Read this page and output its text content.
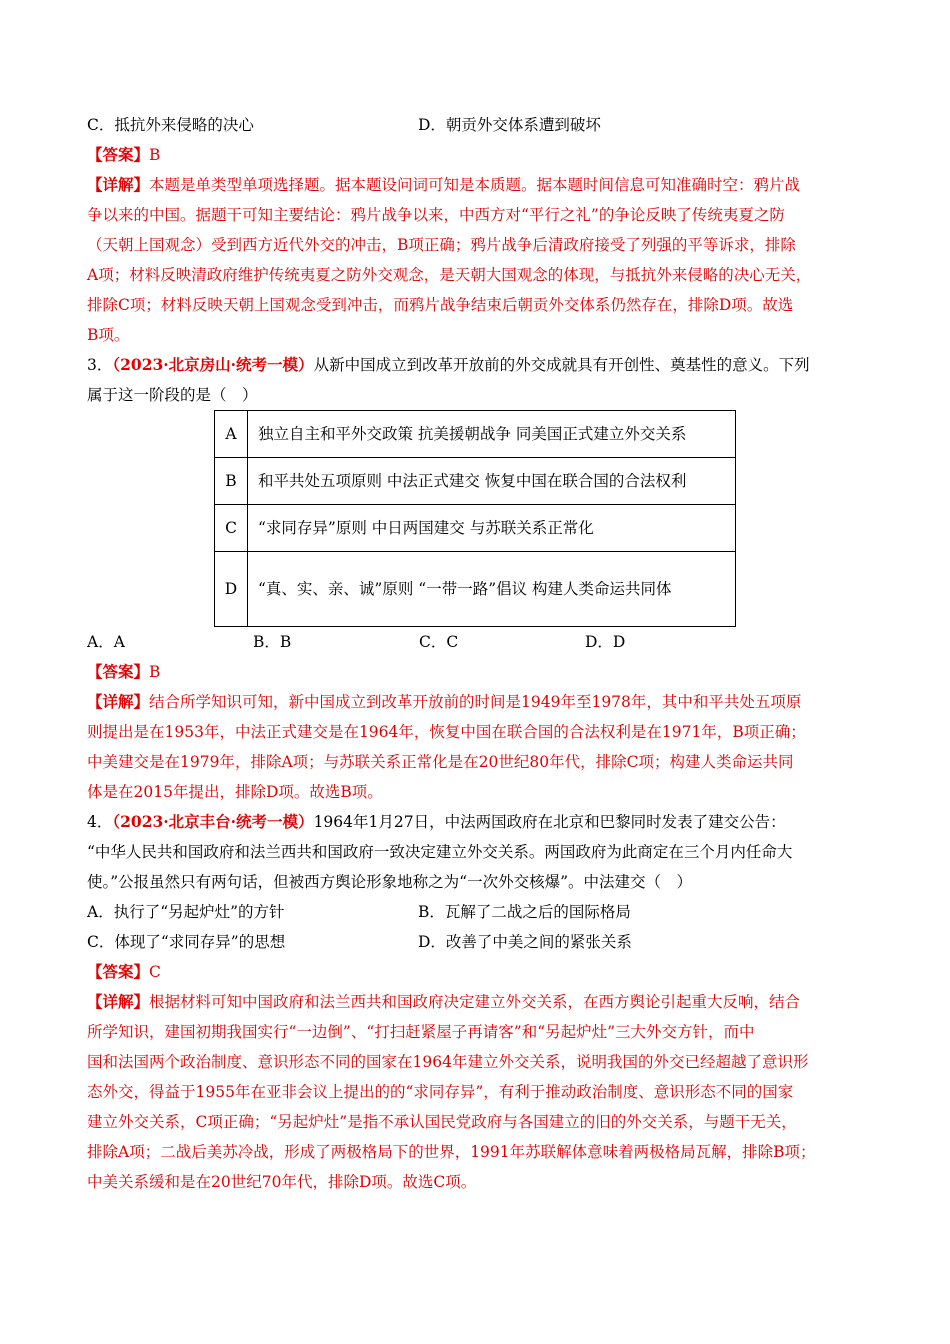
C．抵抗外来侵略的决心	D．朝贡外交体系遭到破坏
【答案】B
【详解】本题是单类型单项选择题。据本题设问词可知是本质题。据本题时间信息可知准确时空：鸦片战
争以来的中国。据题干可知主要结论：鸦片战争以来，中西方对“平行之礼”的争论反映了传统夷夏之防
（天朝上国观念）受到西方近代外交的冲击，B项正确；鸦片战争后清政府接受了列强的平等诉求，排除
A项；材料反映清政府维护传统夷夏之防外交观念，是天朝大国观念的体现，与抵抗外来侵略的决心无关，
排除C项；材料反映天朝上国观念受到冲击，而鸦片战争结束后朝贡外交体系仍然存在，排除D项。故选
B项。
3．（2023·北京房山·统考一模）从新中国成立到改革开放前的外交成就具有开创性、奠基性的意义。下列
属于这一阶段的是（　）
A	独立自主和平外交政策 抗美援朝战争 同美国正式建立外交关系
B	和平共处五项原则 中法正式建交 恢复中国在联合国的合法权利
C	“求同存异”原则 中日两国建交 与苏联关系正常化
D	“真、实、亲、诚”原则 “一带一路”倡议 构建人类命运共同体
A．A	B．B	C．C	D．D
【答案】B
【详解】结合所学知识可知，新中国成立到改革开放前的时间是1949年至1978年，其中和平共处五项原
则提出是在1953年，中法正式建交是在1964年，恢复中国在联合国的合法权利是在1971年，B项正确；
中美建交是在1979年，排除A项；与苏联关系正常化是在20世纪80年代，排除C项；构建人类命运共同
体是在2015年提出，排除D项。故选B项。
4．（2023·北京丰台·统考一模）1964年1月27日，中法两国政府在北京和巴黎同时发表了建交公告：
“中华人民共和国政府和法兰西共和国政府一致决定建立外交关系。两国政府为此商定在三个月内任命大
使。”公报虽然只有两句话，但被西方舆论形象地称之为“一次外交核爆”。中法建交（　）
A．执行了“另起炉灶”的方针	B．瓦解了二战之后的国际格局
C．体现了“求同存异”的思想	D．改善了中美之间的紧张关系
【答案】C
【详解】根据材料可知中国政府和法兰西共和国政府决定建立外交关系，在西方舆论引起重大反响，结合
所学知识，建国初期我国实行“一边倒”、“打扫赶紧屋子再请客”和“另起炉灶”三大外交方针，而中
国和法国两个政治制度、意识形态不同的国家在1964年建立外交关系，说明我国的外交已经超越了意识形
态外交，得益于1955年在亚非会议上提出的的“求同存异”，有利于推动政治制度、意识形态不同的国家
建立外交关系，C项正确；“另起炉灶”是指不承认国民党政府与各国建立的旧的外交关系，与题干无关，
排除A项；二战后美苏冷战，形成了两极格局下的世界，1991年苏联解体意味着两极格局瓦解，排除B项；
中美关系缓和是在20世纪70年代，排除D项。故选C项。
